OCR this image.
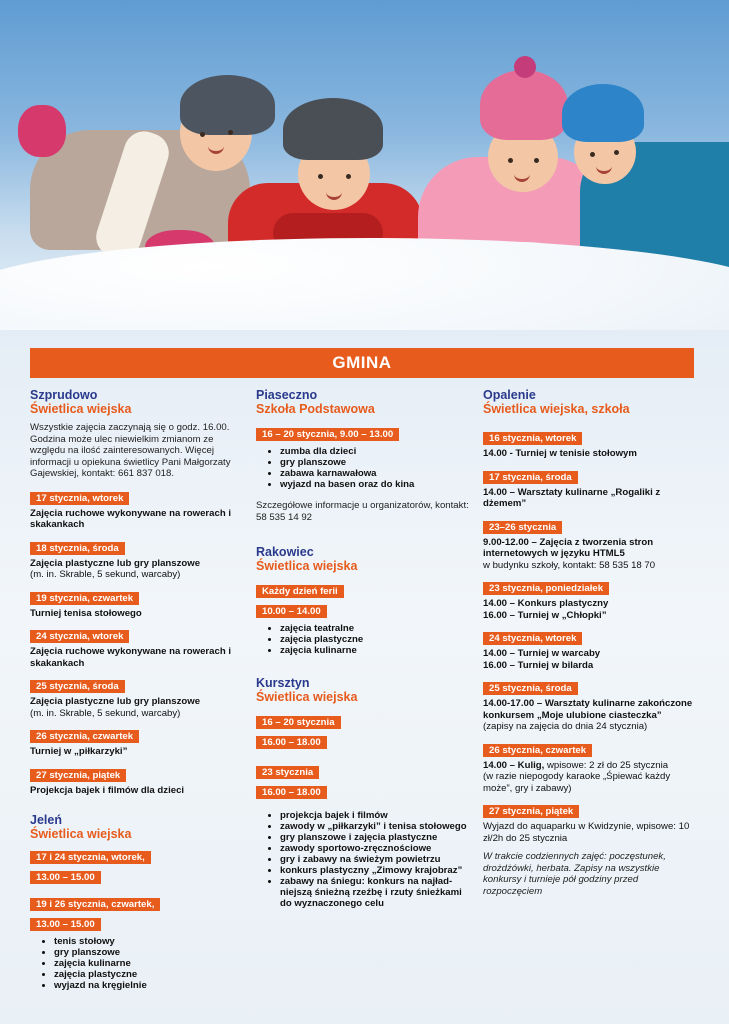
GMINA
Szprudowo
Świetlica wiejska
Wszystkie zajęcia zaczynają się o godz. 16.00. Godzina może ulec niewielkim zmianom ze względu na ilość zainteresowanych. Więcej informacji u opiekuna świetlicy Pani Małgorzaty Gajewskiej, kontakt: 661 837 018.
17 stycznia, wtorek
Zajęcia ruchowe wykonywane na rowerach i skakankach
18 stycznia, środa
Zajęcia plastyczne lub gry planszowe
(m. in. Skrable, 5 sekund, warcaby)
19 stycznia, czwartek
Turniej tenisa stołowego
24 stycznia, wtorek
Zajęcia ruchowe wykonywane na rowerach i skakankach
25 stycznia, środa
Zajęcia plastyczne lub gry planszowe
(m. in. Skrable, 5 sekund, warcaby)
26 stycznia, czwartek
Turniej w „piłkarzyki”
27 stycznia, piątek
Projekcja bajek i filmów dla dzieci
Jeleń
Świetlica wiejska
17 i 24 stycznia, wtorek,
13.00 – 15.00
19 i 26 stycznia, czwartek,
13.00 – 15.00
• tenis stołowy
• gry planszowe
• zajęcia kulinarne
• zajęcia plastyczne
• wyjazd na kręgielnie
Piaseczno
Szkoła Podstawowa
16 – 20 stycznia, 9.00 – 13.00
• zumba dla dzieci
• gry planszowe
• zabawa karnawałowa
• wyjazd na basen oraz do kina
Szczegółowe informacje u organizatorów, kontakt: 58 535 14 92
Rakowiec
Świetlica wiejska
Każdy dzień ferii
10.00 – 14.00
• zajęcia teatralne
• zajęcia plastyczne
• zajęcia kulinarne
Kursztyn
Świetlica wiejska
16 – 20 stycznia
16.00 – 18.00
23 stycznia
16.00 – 18.00
• projekcja bajek i filmów
• zawody w „piłkarzyki” i tenisa stołowego
• gry planszowe i zajęcia plastyczne
• zawody sportowo-zręcznościowe
• gry i zabawy na świeżym powietrzu
• konkurs plastyczny „Zimowy krajobraz”
• zabawy na śniegu: konkurs na najład-niejszą śnieżną rzeźbę i rzuty śnieżkami do wyznaczonego celu
Opalenie
Świetlica wiejska, szkoła
16 stycznia, wtorek
14.00 - Turniej w tenisie stołowym
17 stycznia, środa
14.00 – Warsztaty kulinarne „Rogaliki z dżemem”
23–26 stycznia
9.00-12.00 – Zajęcia z tworzenia stron internetowych w języku HTML5
w budynku szkoły, kontakt: 58 535 18 70
23 stycznia, poniedziałek
14.00 – Konkurs plastyczny
16.00 – Turniej w „Chłopki”
24 stycznia, wtorek
14.00 – Turniej w warcaby
16.00 – Turniej w bilarda
25 stycznia, środa
14.00-17.00 – Warsztaty kulinarne zakończone konkursem „Moje ulubione ciasteczka”
(zapisy na zajęcia do dnia 24 stycznia)
26 stycznia, czwartek
14.00 – Kulig, wpisowe: 2 zł do 25 stycznia
(w razie niepogody karaoke „Śpiewać każdy może”, gry i zabawy)
27 stycznia, piątek
Wyjazd do aquaparku w Kwidzynie, wpisowe: 10 zł/2h do 25 stycznia
W trakcie codziennych zajęć: poczęstunek, drożdżówki, herbata. Zapisy na wszystkie konkursy i turnieje pół godziny przed rozpoczęciem
